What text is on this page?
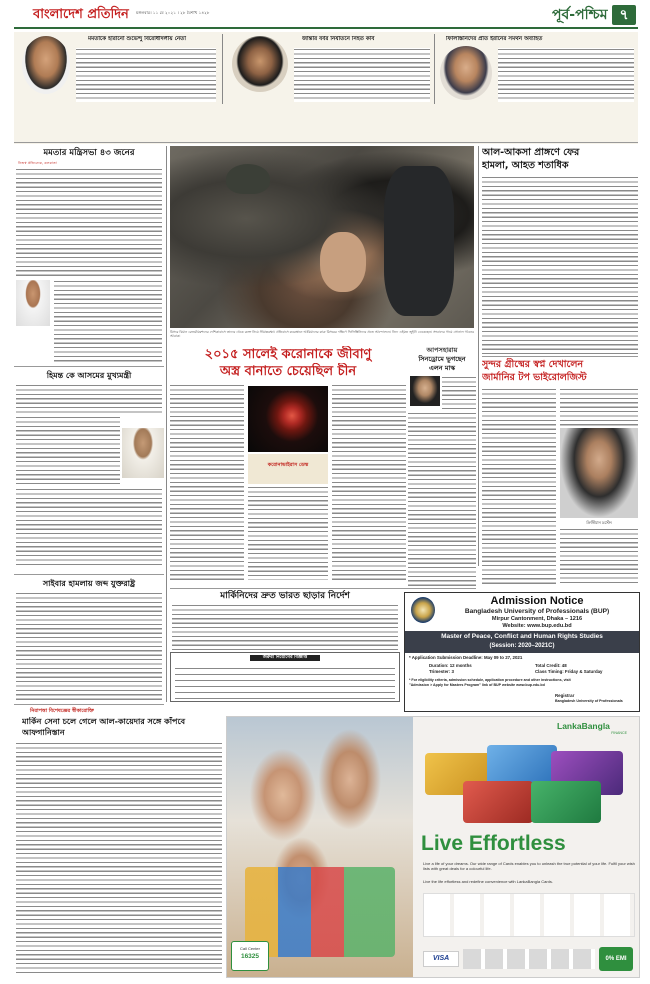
বাংলাদেশ প্রতিদিন মঙ্গলবার। ১১ মে ২০২১ । ২৮ বৈশাখ ১৪২৮	পূর্ব-পশ্চিম ৭
মমতাকে হারানো শুভেন্দু বিরোধীদলীয় নেতা	জান্তার বর্বর নির্যাতনে নিহত কবি	ফিলিস্তিনিদের প্রতি ইরানের সমর্থন অব্যাহত
মমতার মন্ত্রিসভা ৪৩ জনের
নিজস্ব প্রতিবেদক, কলকাতা
হিমন্ত কে আসমের মুখ্যমন্ত্রী
সাইবার হামলায় জব্দ যুক্তরাষ্ট্র
নিরাপত্তা বিশেষজ্ঞের স্বীকারোক্তি
মার্কিন সেনা চলে গেলে আল-কায়েদার সঙ্গে কাঁপবে আফগানিস্তান
মিসরে বিমান রেজর্যায়রশনের দেশিকাবাসে তাদের থেকে রক্তে নিয়ে সীমান্তরক্ষা। প্রতিবাসে কবরস্থানে আরিয়ানের কারু মিসরের দক্ষিণে ফিলিস্তিনিদের প্রতে আন্দোলনে। নিদে এইমত জুইটা ডেকেছেন। সংবাদের গায়ে সোনাল গঠনের আরাক।
২০১৫ সালেই করোনাকে জীবাণু
অস্ত্র বানাতে চেয়েছিল চীন
করোনাভাইরাস ডেস্ক
মার্কিনিদের দ্রুত ভারত ছাড়ার নির্দেশ
জরুরী নিয়োগের বিজ্ঞপ্তি
আপসহারায়
সিনড্রোমে ভুগছেন
এলন মাস্ক
আল-আকসা প্রাঙ্গণে ফের
হামলা, আহত শতাধিক
সুন্দর গ্রীষ্মের স্বপ্ন দেখালেন
জার্মানির টপ ভাইরোলজিস্ট
ক্রিস্টিয়ান দ্রস্টেন
Admission Notice
Bangladesh University of Professionals (BUP)
Mirpur Cantonment, Dhaka – 1216
Website: www.bup.edu.bd
Master of Peace, Conflict and Human Rights Studies
(Session: 2020–2021C)
* Application Submission Deadline: May 09 to 27, 2021
Duration: 12 months
Trimester: 3
Total Credit: 48
Class Timing: Friday & Saturday
* For eligibility criteria, admission schedule, application procedure and other instructions, visit
"Admission > Apply for Masters Program" link of BUP website www.bup.edu.bd
Registrar
Bangladesh University of Professionals
Call Center
16325
LankaBangla
FINANCE
Live Effortless
Live a life of your dreams. Our wide range of Cards enables you to unleash the true potential of your life. Fulfil your wish lists with great deals for a colourful life.
Live the life effortless and redefine convenience with LankaBangla Cards.
VISA	0% EMI
